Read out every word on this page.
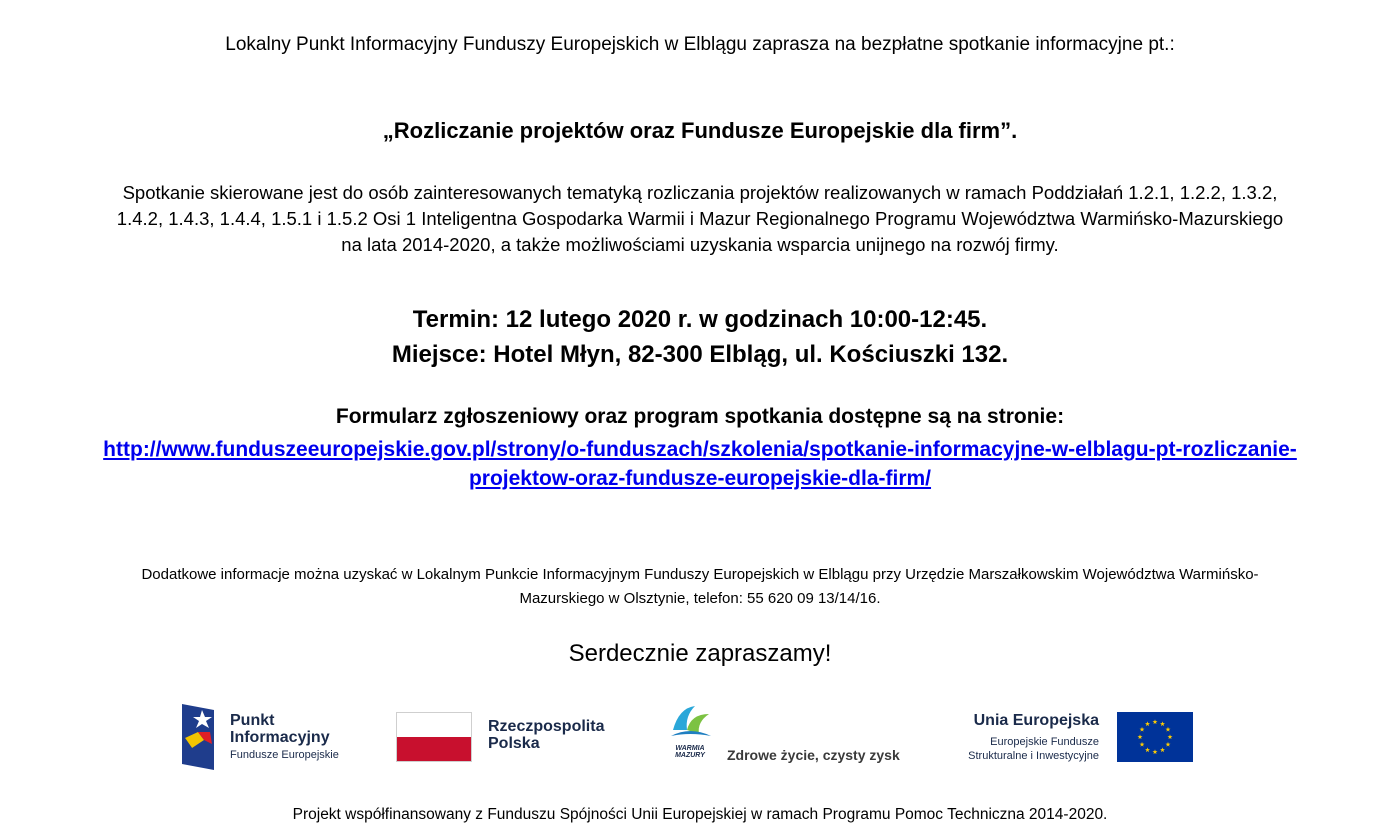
Lokalny Punkt Informacyjny Funduszy Europejskich w Elblągu zaprasza na bezpłatne spotkanie informacyjne pt.:
„Rozliczanie projektów oraz Fundusze Europejskie dla firm”.
Spotkanie skierowane jest do osób zainteresowanych tematyką rozliczania projektów realizowanych w ramach Poddziałań 1.2.1, 1.2.2, 1.3.2,
1.4.2, 1.4.3, 1.4.4, 1.5.1 i 1.5.2 Osi 1 Inteligentna Gospodarka Warmii i Mazur Regionalnego Programu Województwa Warmińsko-Mazurskiego
na lata 2014-2020, a także możliwościami uzyskania wsparcia unijnego na rozwój firmy.
Termin: 12 lutego 2020 r. w godzinach 10:00-12:45.
Miejsce: Hotel Młyn, 82-300 Elbląg, ul. Kościuszki 132.
Formularz zgłoszeniowy oraz program spotkania dostępne są na stronie:
http://www.funduszeeuropejskie.gov.pl/strony/o-funduszach/szkolenia/spotkanie-informacyjne-w-elblagu-pt-rozliczanie-
projektow-oraz-fundusze-europejskie-dla-firm/
Dodatkowe informacje można uzyskać w Lokalnym Punkcie Informacyjnym Funduszy Europejskich w Elblągu przy Urzędzie Marszałkowskim Województwa Warmińsko-
Mazurskiego w Olsztynie, telefon: 55 620 09 13/14/16.
Serdecznie zapraszamy!
Punkt
Informacyjny
Fundusze Europejskie
Rzeczpospolita
Polska	WARMIA
MAZURY	Zdrowe życie, czysty zysk
Unia Europejska
Europejskie Fundusze
Strukturalne i Inwestycyjne
Projekt współfinansowany z Funduszu Spójności Unii Europejskiej w ramach Programu Pomoc Techniczna 2014-2020.
